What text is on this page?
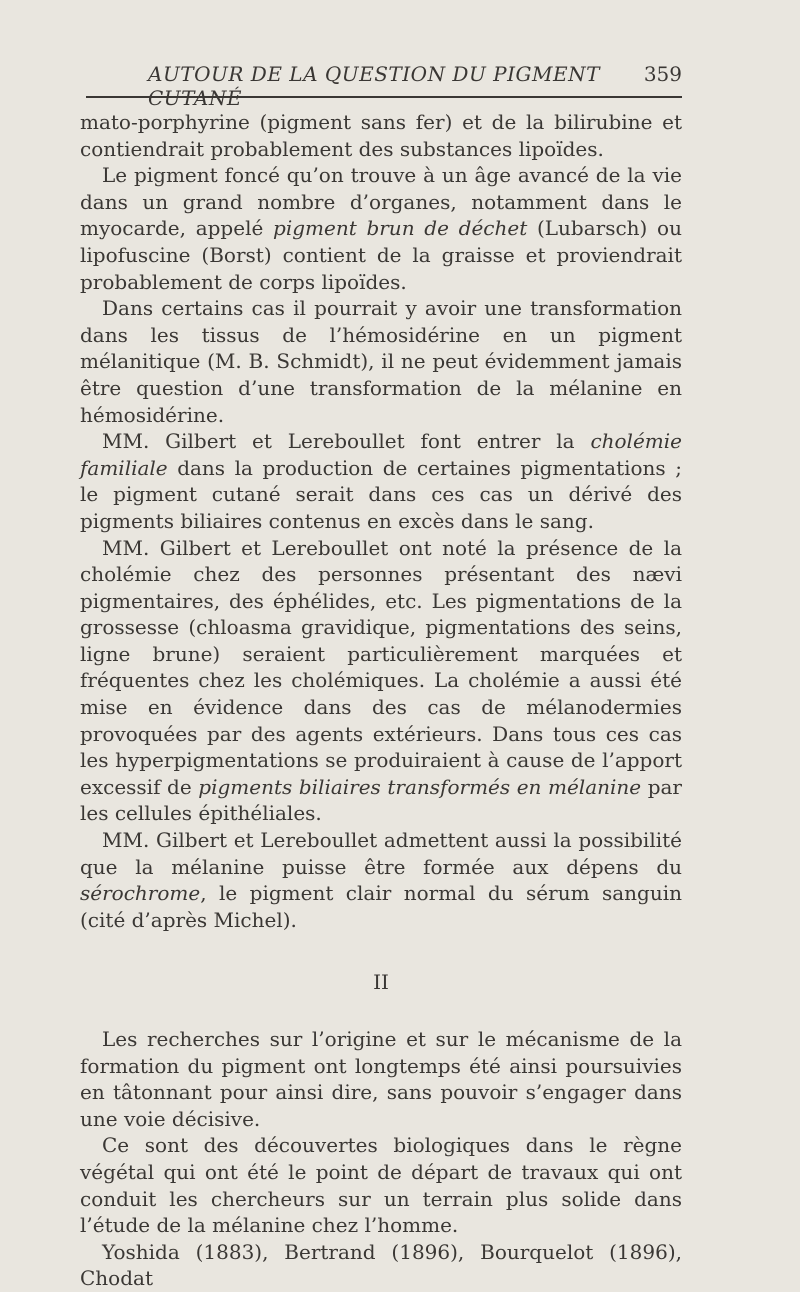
AUTOUR DE LA QUESTION DU PIGMENT CUTANÉ
359

mato-porphyrine (pigment sans fer) et de la bilirubine et contiendrait probablement des substances lipoïdes.

Le pigment foncé qu’on trouve à un âge avancé de la vie dans un grand nombre d’organes, notamment dans le myocarde, appelé pigment brun de déchet (Lubarsch) ou lipofuscine (Borst) contient de la graisse et proviendrait probablement de corps lipoïdes.

Dans certains cas il pourrait y avoir une transformation dans les tissus de l’hémosidérine en un pigment mélanitique (M. B. Schmidt), il ne peut évidemment jamais être question d’une transformation de la mélanine en hémosidérine.

MM. Gilbert et Lereboullet font entrer la cholémie familiale dans la production de certaines pigmentations ; le pigment cutané serait dans ces cas un dérivé des pigments biliaires contenus en excès dans le sang.

MM. Gilbert et Lereboullet ont noté la présence de la cholémie chez des personnes présentant des nævi pigmentaires, des éphélides, etc. Les pigmentations de la grossesse (chloasma gravidique, pigmentations des seins, ligne brune) seraient particulièrement marquées et fréquentes chez les cholémiques. La cholémie a aussi été mise en évidence dans des cas de mélanodermies provoquées par des agents extérieurs. Dans tous ces cas les hyperpigmentations se produiraient à cause de l’apport excessif de pigments biliaires transformés en mélanine par les cellules épithéliales.

MM. Gilbert et Lereboullet admettent aussi la possibilité que la mélanine puisse être formée aux dépens du sérochrome, le pigment clair normal du sérum sanguin (cité d’après Michel).

II

Les recherches sur l’origine et sur le mécanisme de la formation du pigment ont longtemps été ainsi poursuivies en tâtonnant pour ainsi dire, sans pouvoir s’engager dans une voie décisive.

Ce sont des découvertes biologiques dans le règne végétal qui ont été le point de départ de travaux qui ont conduit les chercheurs sur un terrain plus solide dans l’étude de la mélanine chez l’homme.

Yoshida (1883), Bertrand (1896), Bourquelot (1896), Chodat
